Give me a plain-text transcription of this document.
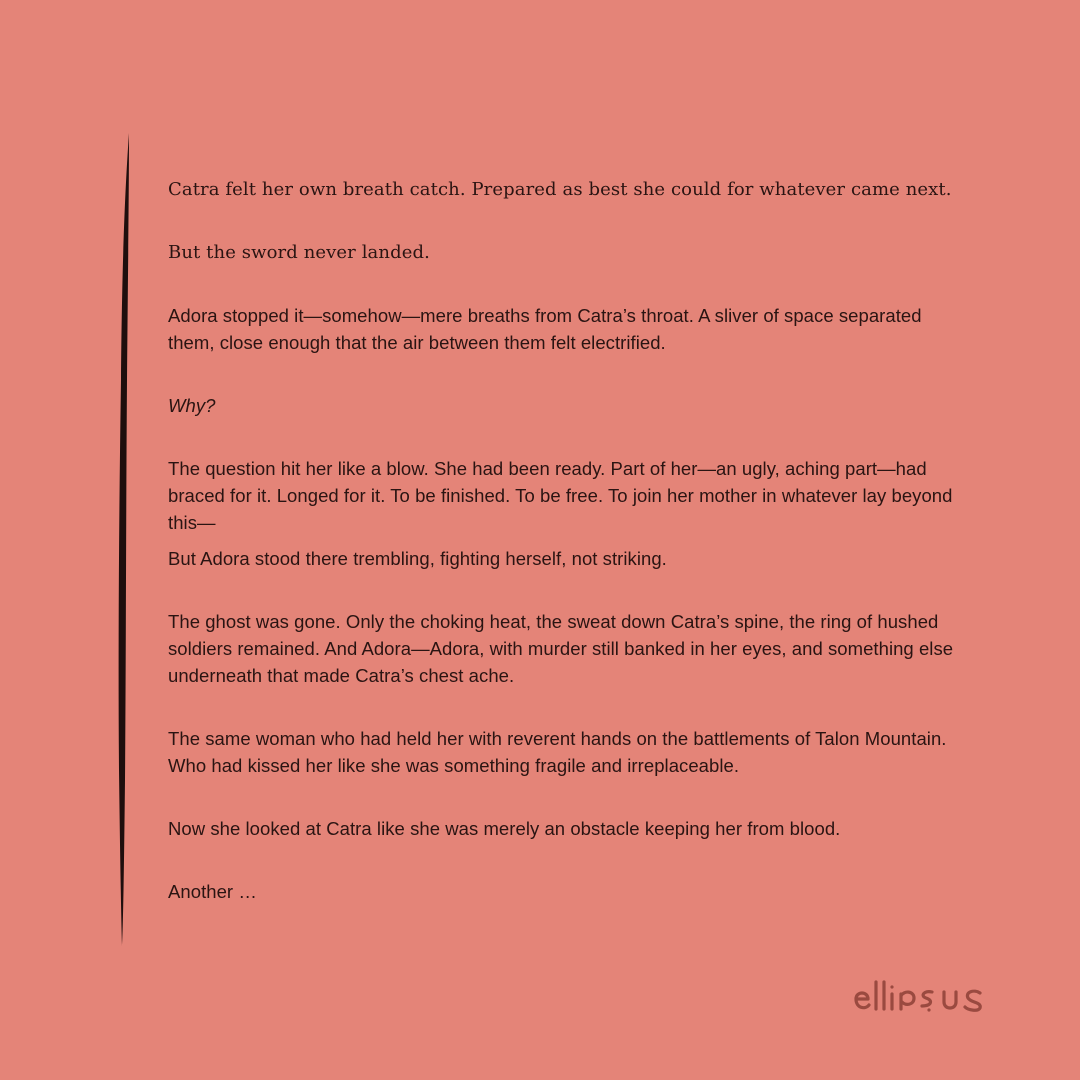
Catra felt her own breath catch. Prepared as best she could for whatever came next.

But the sword never landed.

Adora stopped it—somehow—mere breaths from Catra’s throat. A sliver of space separated them, close enough that the air between them felt electrified.

Why?

The question hit her like a blow. She had been ready. Part of her—an ugly, aching part—had braced for it. Longed for it. To be finished. To be free. To join her mother in whatever lay beyond this—

But Adora stood there trembling, fighting herself, not striking.

The ghost was gone. Only the choking heat, the sweat down Catra’s spine, the ring of hushed soldiers remained. And Adora—Adora, with murder still banked in her eyes, and something else underneath that made Catra’s chest ache.

The same woman who had held her with reverent hands on the battlements of Talon Mountain. Who had kissed her like she was something fragile and irreplaceable.

Now she looked at Catra like she was merely an obstacle keeping her from blood.

Another …
